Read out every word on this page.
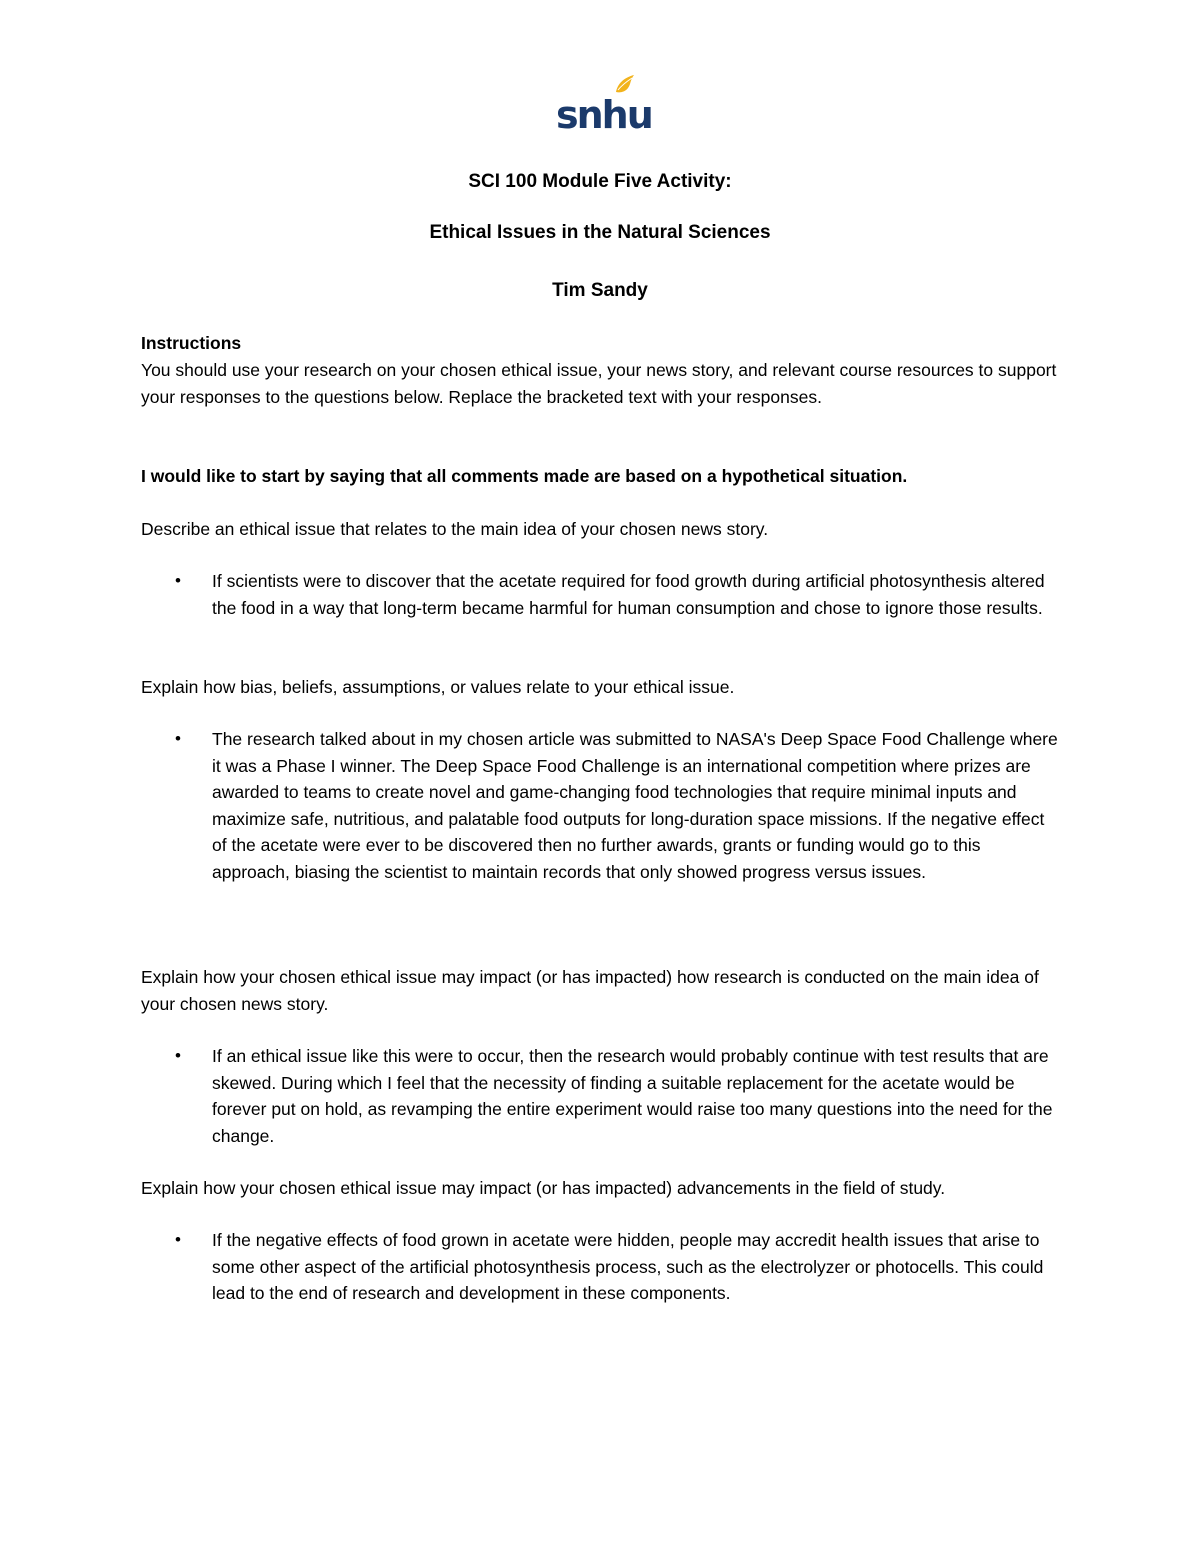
snhu

SCI 100 Module Five Activity:

Ethical Issues in the Natural Sciences

Tim Sandy

Instructions

You should use your research on your chosen ethical issue, your news story, and relevant course resources to support your responses to the questions below. Replace the bracketed text with your responses.

I would like to start by saying that all comments made are based on a hypothetical situation.

Describe an ethical issue that relates to the main idea of your chosen news story.

• If scientists were to discover that the acetate required for food growth during artificial photosynthesis altered the food in a way that long-term became harmful for human consumption and chose to ignore those results.

Explain how bias, beliefs, assumptions, or values relate to your ethical issue.

• The research talked about in my chosen article was submitted to NASA's Deep Space Food Challenge where it was a Phase I winner. The Deep Space Food Challenge is an international competition where prizes are awarded to teams to create novel and game-changing food technologies that require minimal inputs and maximize safe, nutritious, and palatable food outputs for long-duration space missions. If the negative effect of the acetate were ever to be discovered then no further awards, grants or funding would go to this approach, biasing the scientist to maintain records that only showed progress versus issues.

Explain how your chosen ethical issue may impact (or has impacted) how research is conducted on the main idea of your chosen news story.

• If an ethical issue like this were to occur, then the research would probably continue with test results that are skewed. During which I feel that the necessity of finding a suitable replacement for the acetate would be forever put on hold, as revamping the entire experiment would raise too many questions into the need for the change.

Explain how your chosen ethical issue may impact (or has impacted) advancements in the field of study.

• If the negative effects of food grown in acetate were hidden, people may accredit health issues that arise to some other aspect of the artificial photosynthesis process, such as the electrolyzer or photocells. This could lead to the end of research and development in these components.
